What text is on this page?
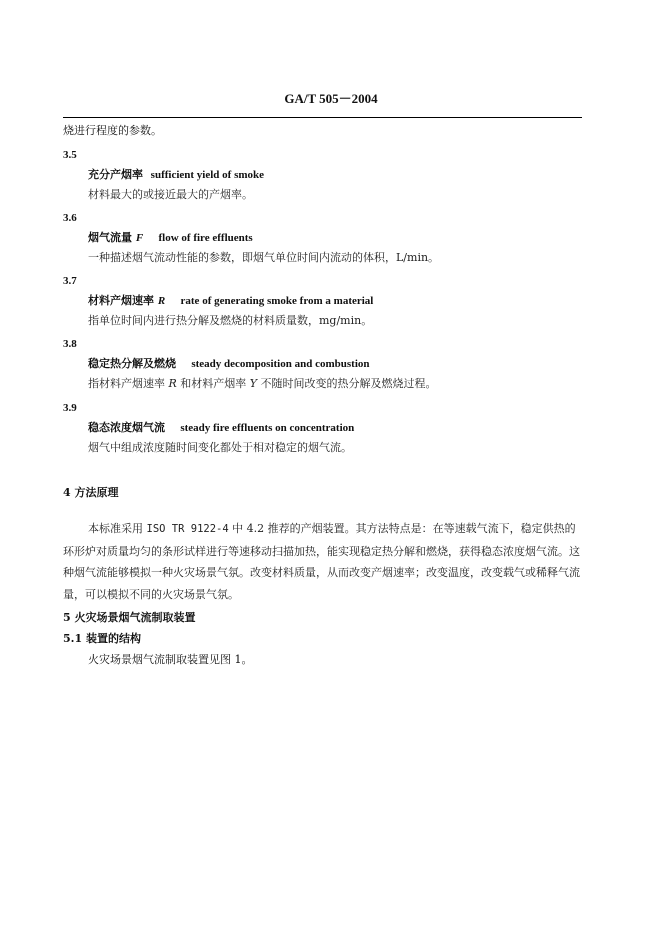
GA/T 505－2004
烧进行程度的参数。
3.5
充分产烟率 sufficient yield of smoke
材料最大的或接近最大的产烟率。
3.6
烟气流量 F flow of fire effluents
一种描述烟气流动性能的参数，即烟气单位时间内流动的体积，L/min。
3.7
材料产烟速率 R rate of generating smoke from a material
指单位时间内进行热分解及燃烧的材料质量数，mg/min。
3.8
稳定热分解及燃烧 steady decomposition and combustion
指材料产烟速率 R 和材料产烟率 Y 不随时间改变的热分解及燃烧过程。
3.9
稳态浓度烟气流 steady fire effluents on concentration
烟气中组成浓度随时间变化都处于相对稳定的烟气流。
4 方法原理
本标准采用 ISO TR 9122-4 中 4.2 推荐的产烟装置。其方法特点是：在等速载气流下，稳定供热的环形炉对质量均匀的条形试样进行等速移动扫描加热，能实现稳定热分解和燃烧，获得稳态浓度烟气流。这种烟气流能够模拟一种火灾场景气氛。改变材料质量，从而改变产烟速率；改变温度，改变载气或稀释气流量，可以模拟不同的火灾场景气氛。
5 火灾场景烟气流制取装置
5.1 装置的结构
火灾场景烟气流制取装置见图 1。
